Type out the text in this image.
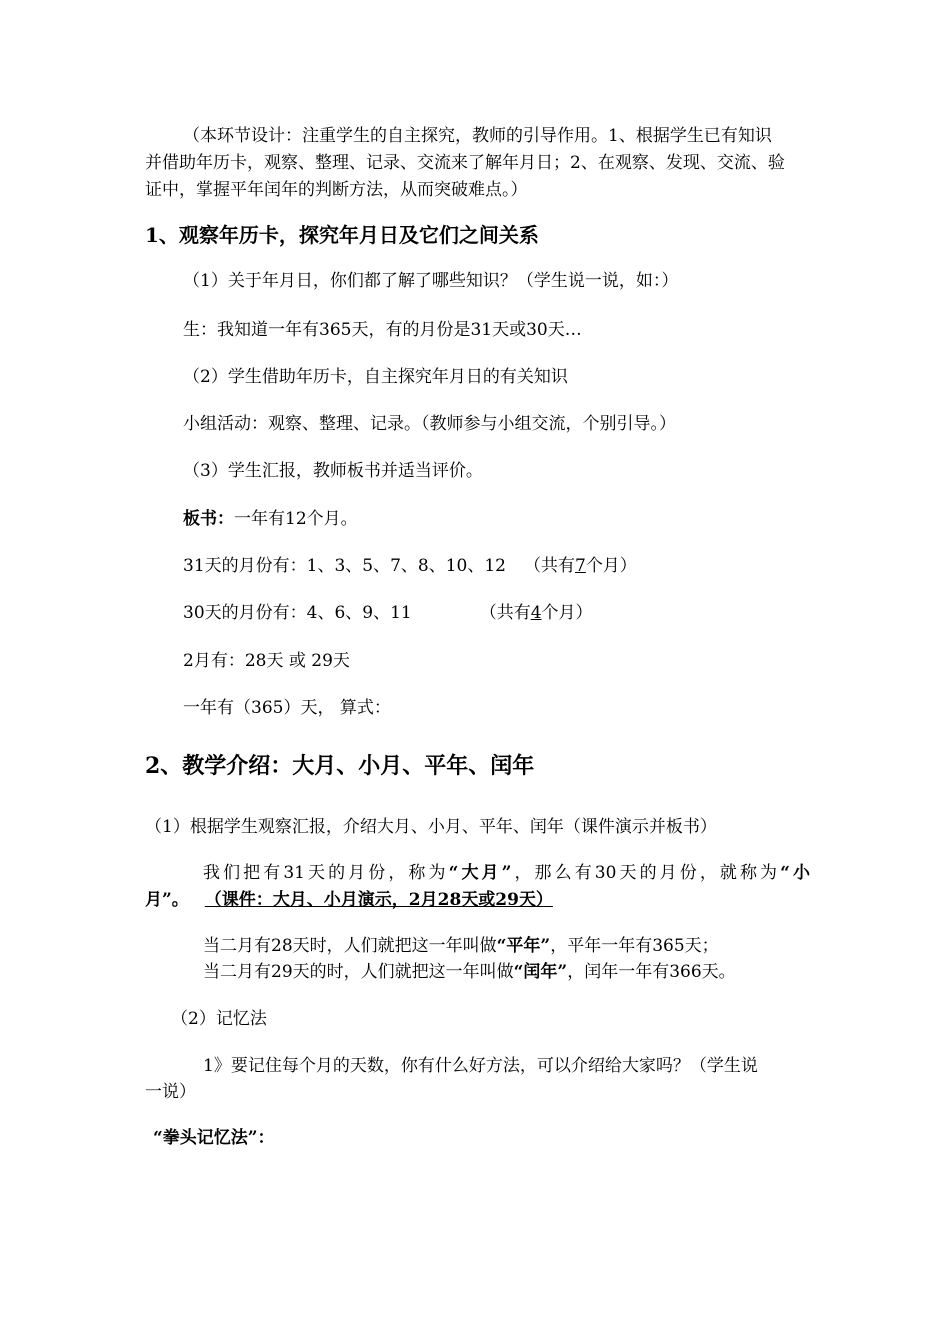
（本环节设计：注重学生的自主探究，教师的引导作用。1、根据学生已有知识
并借助年历卡，观察、整理、记录、交流来了解年月日；2、在观察、发现、交流、验
证中，掌握平年闰年的判断方法，从而突破难点。）
1、观察年历卡，探究年月日及它们之间关系
（1）关于年月日，你们都了解了哪些知识？（学生说一说，如：）
生：我知道一年有365天，有的月份是31天或30天…
（2）学生借助年历卡，自主探究年月日的有关知识
小组活动：观察、整理、记录。（教师参与小组交流，个别引导。）
（3）学生汇报，教师板书并适当评价。
板书：一年有12个月。
31天的月份有：1、3、5、7、8、10、12 （共有7个月）
30天的月份有：4、6、9、11	（共有4个月）
2月有：28天 或 29天
一年有（365）天， 算式：
2、教学介绍：大月、小月、平年、闰年
（1）根据学生观察汇报，介绍大月、小月、平年、闰年（课件演示并板书）
我们把有31天的月份，称为“大月”，那么有30天的月份，就称为“小
月”。 （课件：大月、小月演示，2月28天或29天）
当二月有28天时，人们就把这一年叫做“平年”，平年一年有365天；
当二月有29天的时，人们就把这一年叫做“闰年”，闰年一年有366天。
（2）记忆法
1》要记住每个月的天数，你有什么好方法，可以介绍给大家吗？（学生说
一说）
“拳头记忆法”：
